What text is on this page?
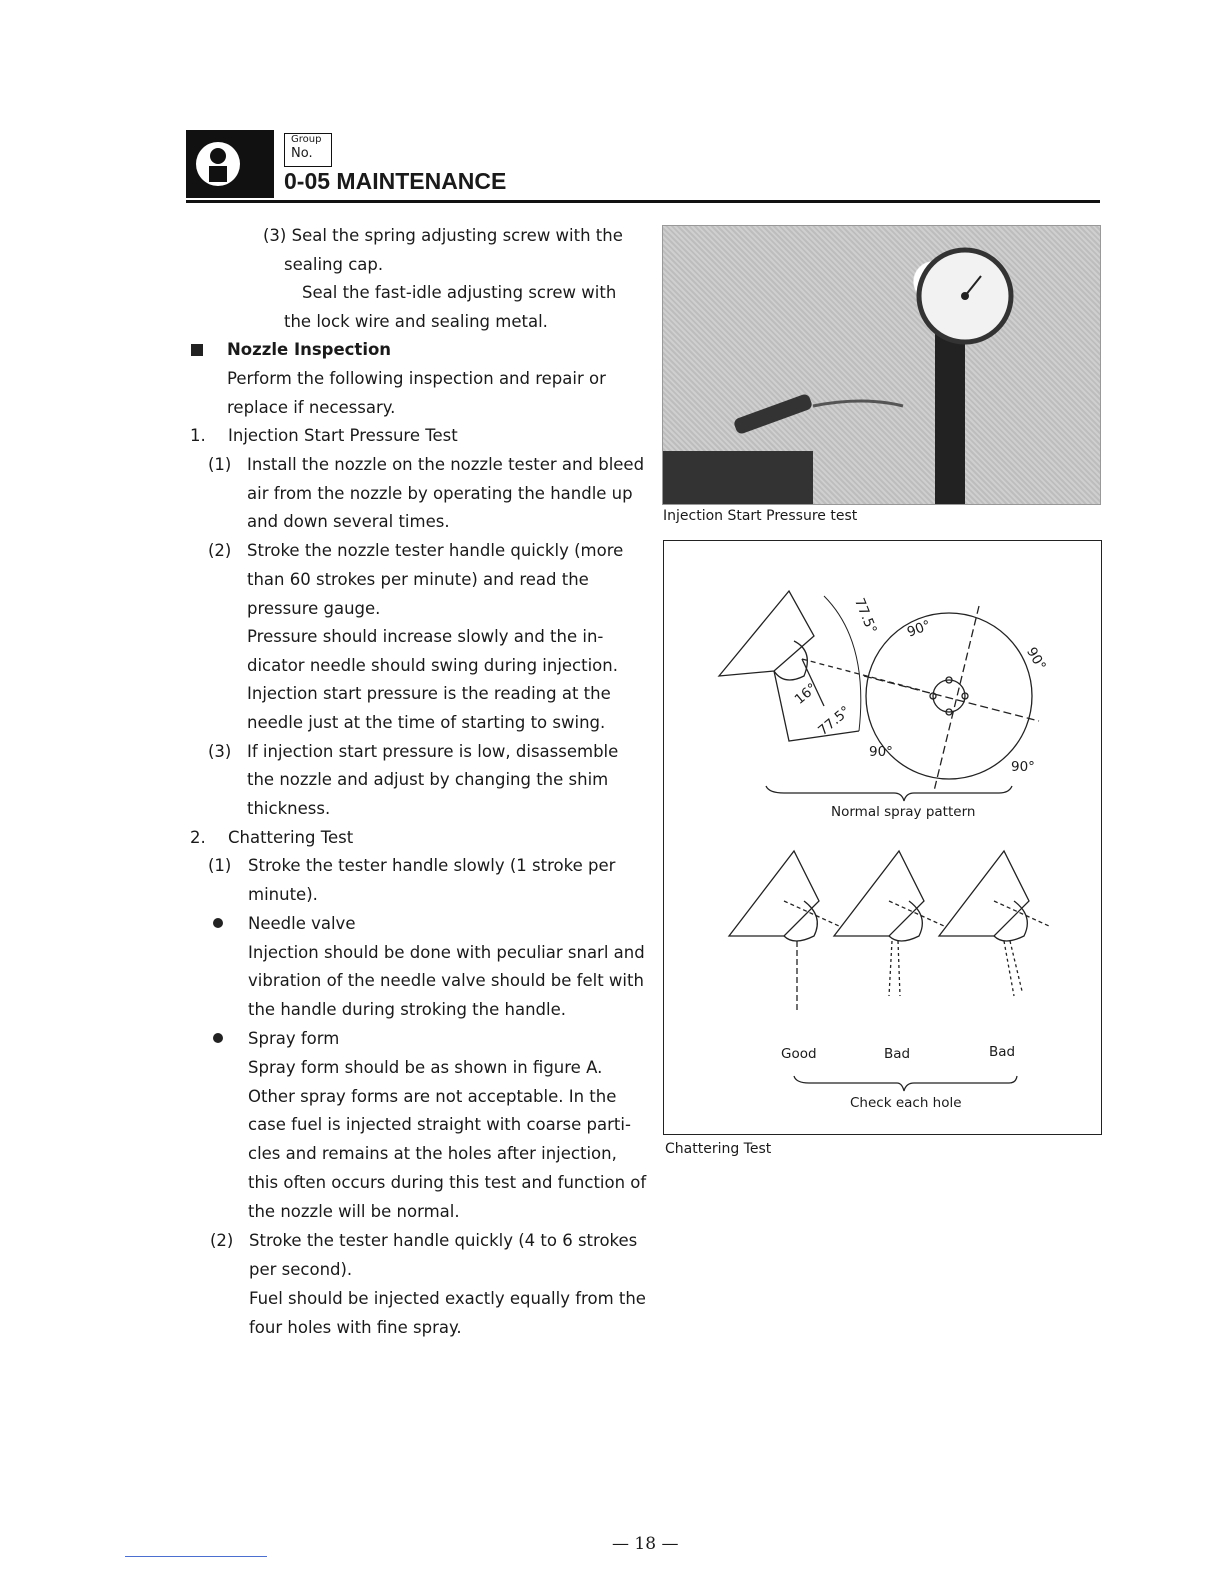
Group
No.
0-05 MAINTENANCE
(3) Seal the spring adjusting screw with the
sealing cap.
Seal the fast-idle adjusting screw with
the lock wire and sealing metal.
Nozzle Inspection
Perform the following inspection and repair or
replace if necessary.
1. Injection Start Pressure Test
(1) Install the nozzle on the nozzle tester and bleed
air from the nozzle by operating the handle up
and down several times.
(2) Stroke the nozzle tester handle quickly (more
than 60 strokes per minute) and read the
pressure gauge.
Pressure should increase slowly and the in-
dicator needle should swing during injection.
Injection start pressure is the reading at the
needle just at the time of starting to swing.
(3) If injection start pressure is low, disassemble
the nozzle and adjust by changing the shim
thickness.
2. Chattering Test
(1) Stroke the tester handle slowly (1 stroke per
minute).
Needle valve
Injection should be done with peculiar snarl and
vibration of the needle valve should be felt with
the handle during stroking the handle.
Spray form
Spray form should be as shown in figure A.
Other spray forms are not acceptable. In the
case fuel is injected straight with coarse parti-
cles and remains at the holes after injection,
this often occurs during this test and function of
the nozzle will be normal.
(2) Stroke the tester handle quickly (4 to 6 strokes
per second).
Fuel should be injected exactly equally from the
four holes with fine spray.
Injection Start Pressure test
77.5°
16°
77.5°
90°
90°
90°
90°
Normal spray pattern
Good	Bad	Bad
Check each hole
Chattering Test
— 18 —
